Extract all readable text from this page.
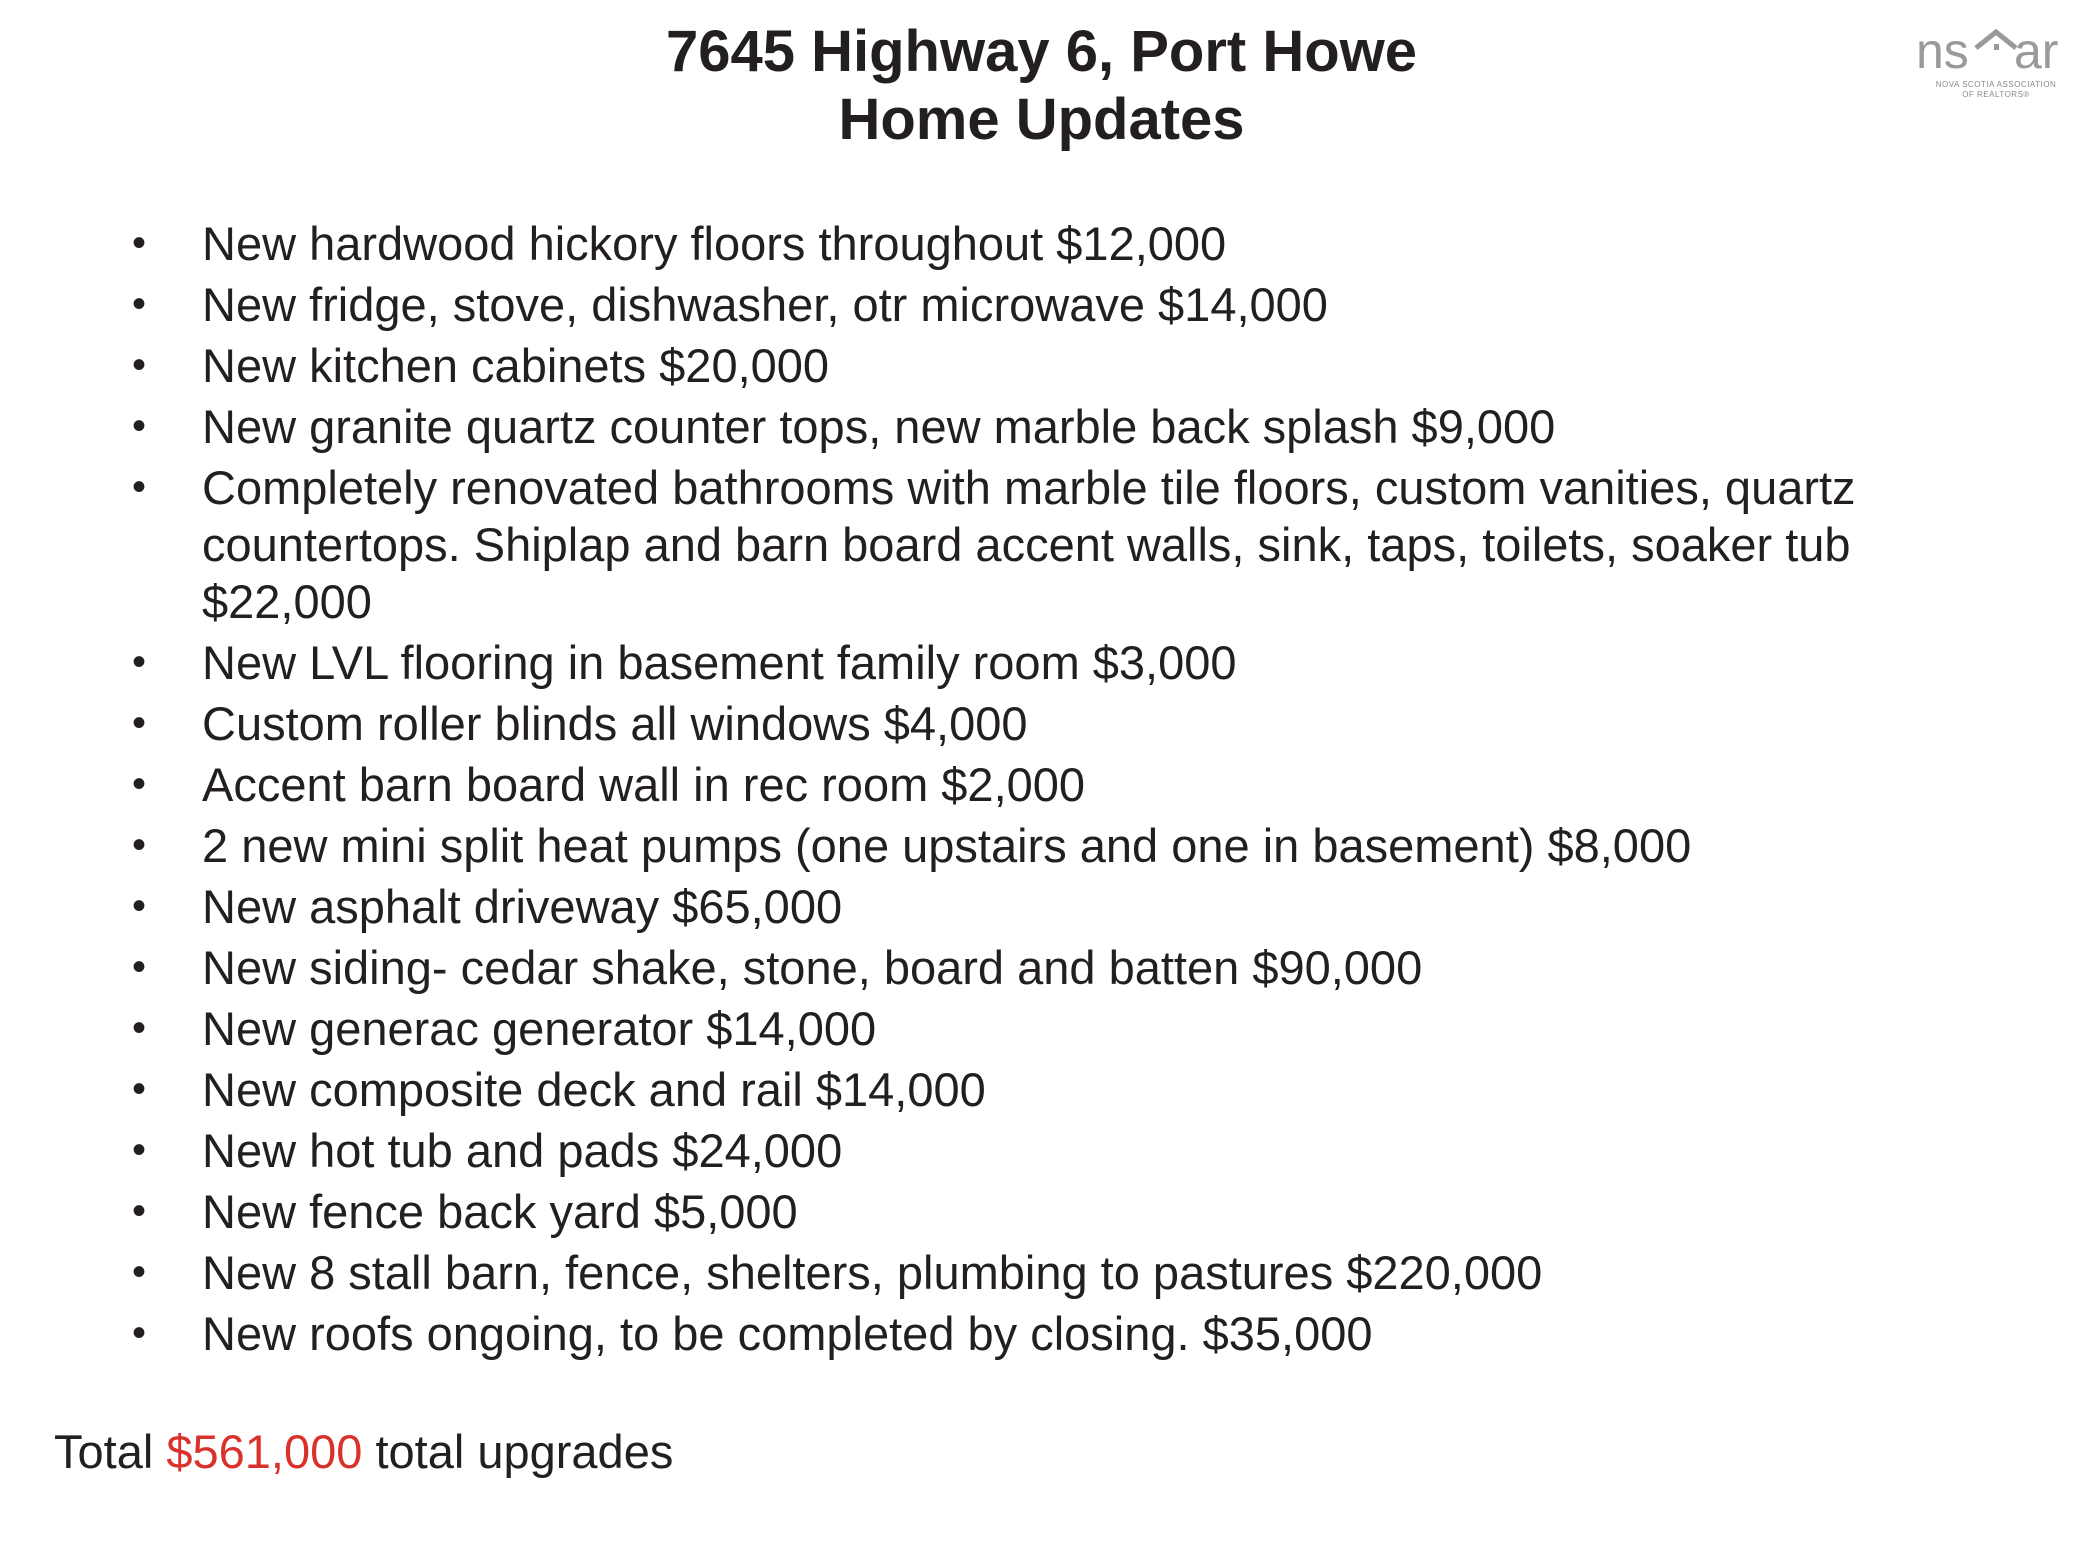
7645 Highway 6, Port Howe
Home Updates
ns ar
NOVA SCOTIA ASSOCIATION
OF REALTORS®
• New hardwood hickory floors throughout $12,000
• New fridge, stove, dishwasher, otr microwave $14,000
• New kitchen cabinets $20,000
• New granite quartz counter tops, new marble back splash $9,000
• Completely renovated bathrooms with marble tile floors, custom vanities, quartz countertops. Shiplap and barn board accent walls, sink, taps, toilets, soaker tub $22,000
• New LVL flooring in basement family room $3,000
• Custom roller blinds all windows $4,000
• Accent barn board wall in rec room $2,000
• 2 new mini split heat pumps (one upstairs and one in basement) $8,000
• New asphalt driveway $65,000
• New siding- cedar shake, stone, board and batten $90,000
• New generac generator $14,000
• New composite deck and rail $14,000
• New hot tub and pads $24,000
• New fence back yard $5,000
• New 8 stall barn, fence, shelters, plumbing to pastures $220,000
• New roofs ongoing, to be completed by closing. $35,000
Total $561,000 total upgrades
